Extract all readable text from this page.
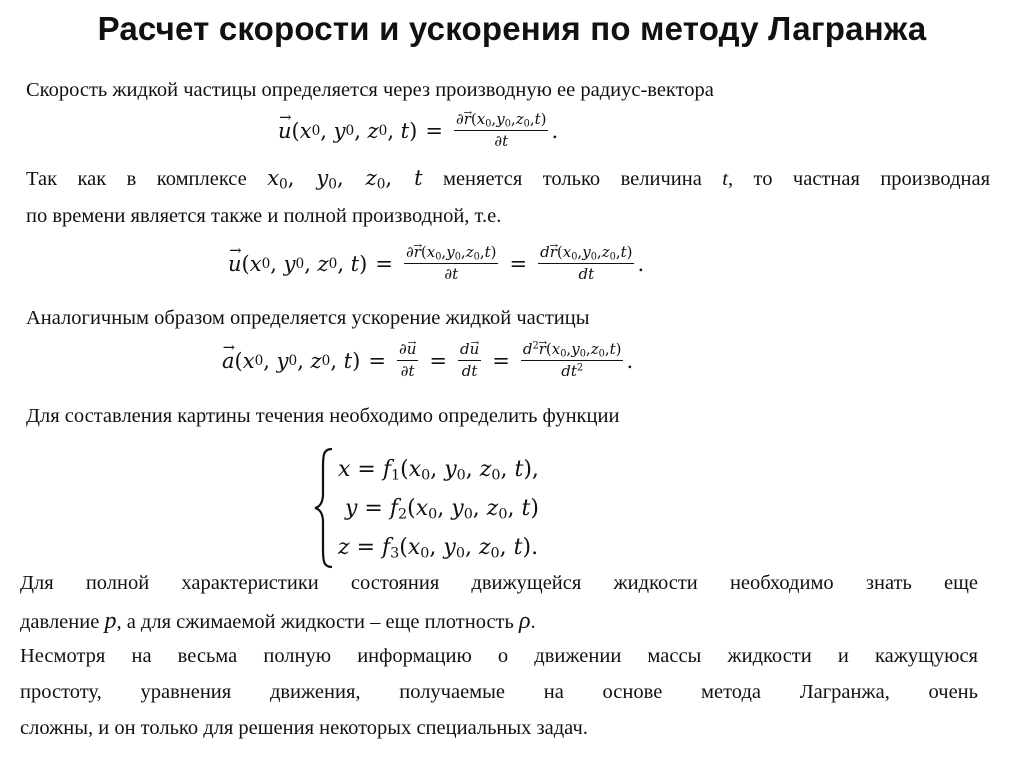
Расчет скорости и ускорения по методу Лагранжа
Скорость жидкой частицы определяется через производную ее радиус-вектора
→ u ( x 0 , y 0 , z 0 , t ) = $\frac{\partial\to r(x_0,y_0,z_0,t)}{\partial t}$ .
Так как в комплексе $x_0$, $y_0$, $z_0$, t меняется только величина t, то частная производная
по времени является также и полной производной, т.е.
→ u ( x 0 , y 0 , z 0 , t ) = $\frac{\partial\to r(x_0,y_0,z_0,t)}{\partial t} = \frac{d\to r(x_0,y_0,z_0,t)}{dt}$ .
Аналогичным образом определяется ускорение жидкой частицы
→ a ( x 0 , y 0 , z 0 , t ) = $\frac{\partial\to u}{\partial t} = \frac{d\to u}{dt} = \frac{d^2\to r(x_0,y_0,z_0,t)}{dt^2}$ .
Для составления картины течения необходимо определить функции
$x = f_1(x_0$, $y_0$, $z_0$, t),
$y = f_2(x_0$, $y_0$, $z_0$, t)
$z = f_3(x_0$, $y_0$, $z_0$, t).
Для полной характеристики состояния движущейся жидкости необходимо знать еще
давление p, а для сжимаемой жидкости – еще плотность ρ.
Несмотря на весьма полную информацию о движении массы жидкости и кажущуюся
простоту, уравнения движения, получаемые на основе метода Лагранжа, очень
сложны, и он только для решения некоторых специальных задач.
